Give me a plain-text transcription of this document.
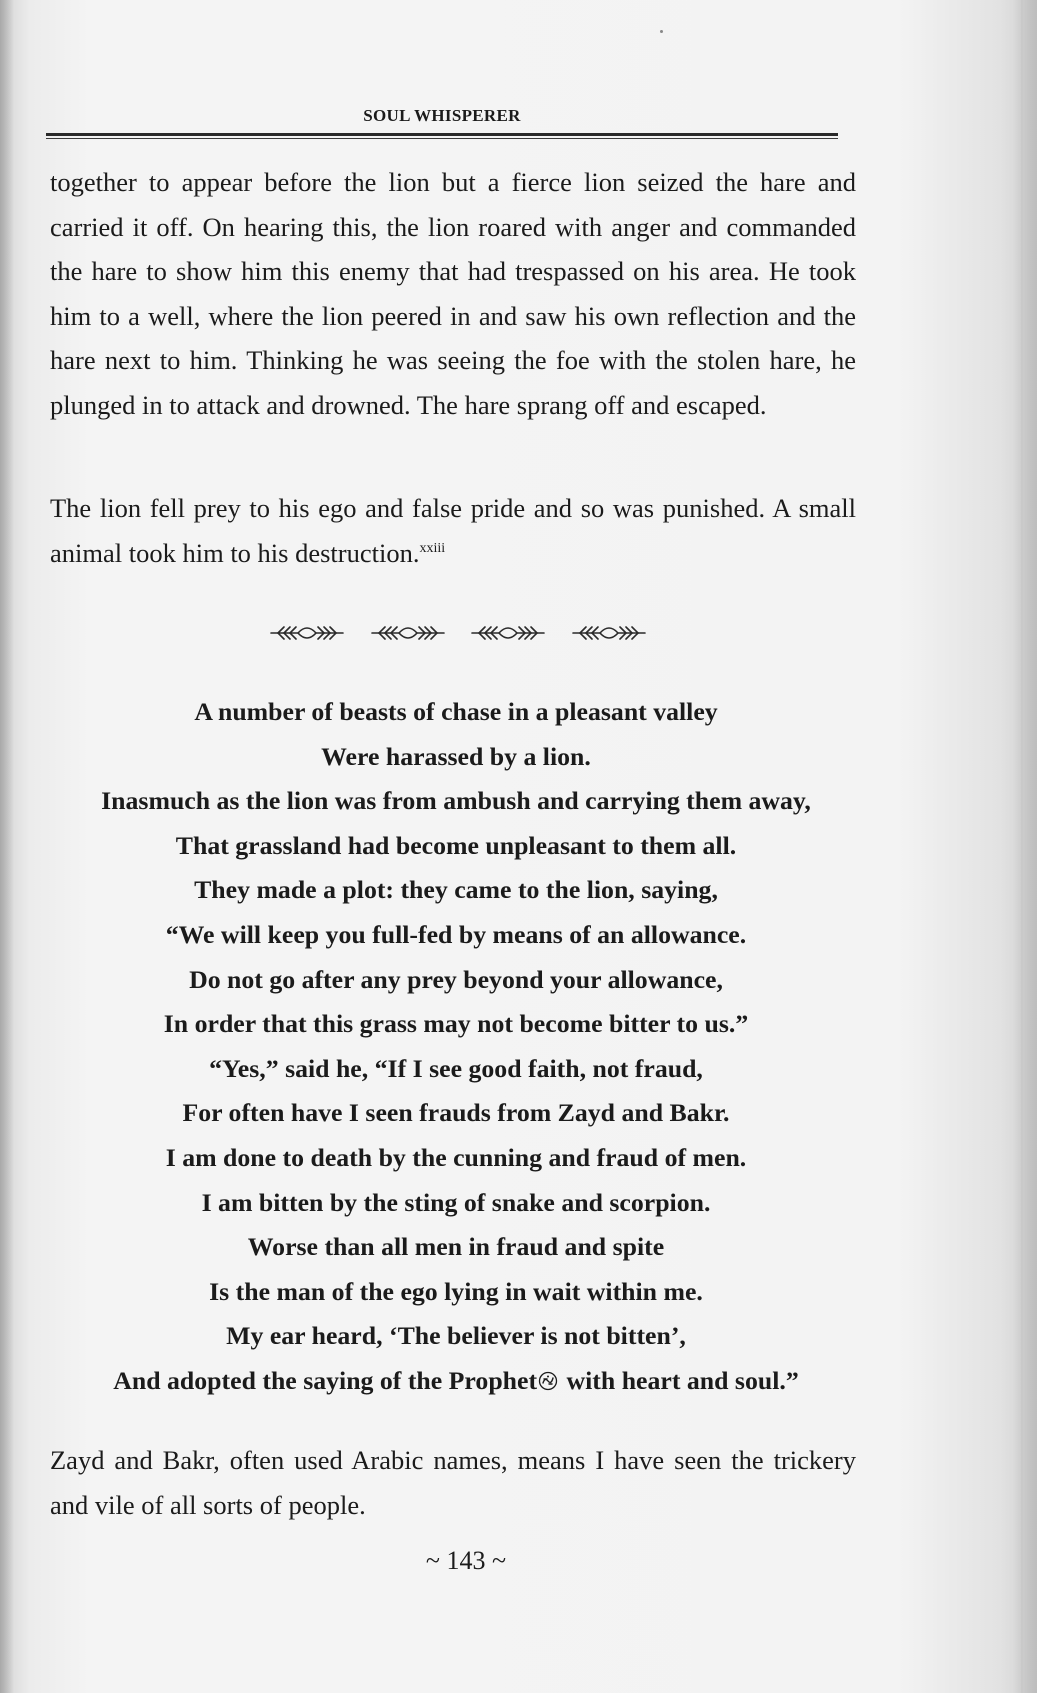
SOUL WHISPERER
together to appear before the lion but a fierce lion seized the hare and carried it off. On hearing this, the lion roared with anger and commanded the hare to show him this enemy that had trespassed on his area. He took him to a well, where the lion peered in and saw his own reflection and the hare next to him. Thinking he was seeing the foe with the stolen hare, he plunged in to attack and drowned. The hare sprang off and escaped.
The lion fell prey to his ego and false pride and so was punished. A small animal took him to his destruction.$^{xxiii}$
A number of beasts of chase in a pleasant valley
Were harassed by a lion.
Inasmuch as the lion was from ambush and carrying them away,
That grassland had become unpleasant to them all.
They made a plot: they came to the lion, saying,
“We will keep you full-fed by means of an allowance.
Do not go after any prey beyond your allowance,
In order that this grass may not become bitter to us.”
“Yes,” said he, “If I see good faith, not fraud,
For often have I seen frauds from Zayd and Bakr.
I am done to death by the cunning and fraud of men.
I am bitten by the sting of snake and scorpion.
Worse than all men in fraud and spite
Is the man of the ego lying in wait within me.
My ear heard, ‘The believer is not bitten’,
And adopted the saying of the Prophet with heart and soul.”
Zayd and Bakr, often used Arabic names, means I have seen the trickery and vile of all sorts of people.
~ 143 ~
